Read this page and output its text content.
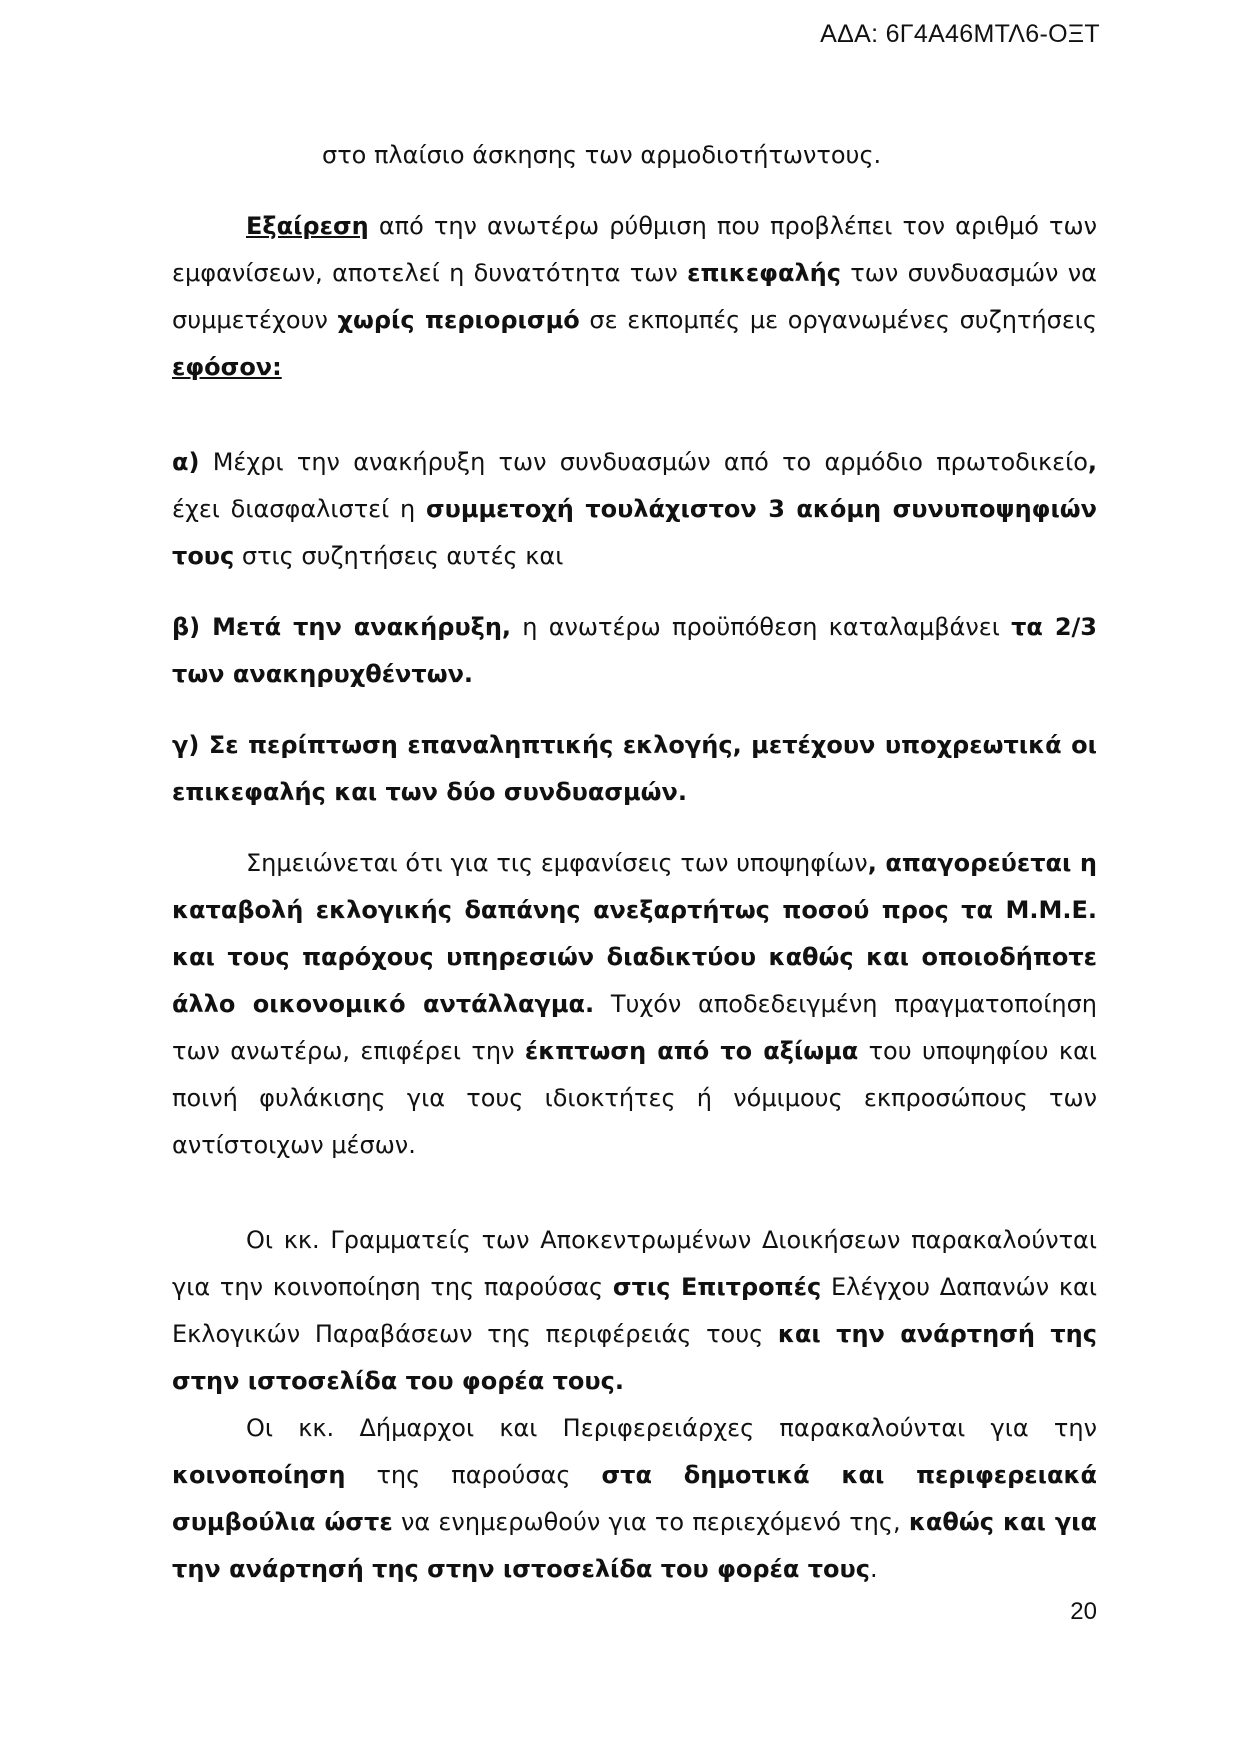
ΑΔΑ: 6Γ4Α46ΜΤΛ6-ΟΞΤ

στο πλαίσιο άσκησης των αρμοδιοτήτωντους.

Εξαίρεση από την ανωτέρω ρύθμιση που προβλέπει τον αριθμό των εμφανίσεων, αποτελεί η δυνατότητα των επικεφαλής των συνδυασμών να συμμετέχουν χωρίς περιορισμό σε εκπομπές με οργανωμένες συζητήσεις εφόσον:

α) Μέχρι την ανακήρυξη των συνδυασμών από το αρμόδιο πρωτοδικείο, έχει διασφαλιστεί η συμμετοχή τουλάχιστον 3 ακόμη συνυποψηφιών τους στις συζητήσεις αυτές και

β) Μετά την ανακήρυξη, η ανωτέρω προϋπόθεση καταλαμβάνει τα 2/3 των ανακηρυχθέντων.

γ) Σε περίπτωση επαναληπτικής εκλογής, μετέχουν υποχρεωτικά οι επικεφαλής και των δύο συνδυασμών.

Σημειώνεται ότι για τις εμφανίσεις των υποψηφίων, απαγορεύεται η καταβολή εκλογικής δαπάνης ανεξαρτήτως ποσού προς τα Μ.Μ.Ε. και τους παρόχους υπηρεσιών διαδικτύου καθώς και οποιοδήποτε άλλο οικονομικό αντάλλαγμα. Τυχόν αποδεδειγμένη πραγματοποίηση των ανωτέρω, επιφέρει την έκπτωση από το αξίωμα του υποψηφίου και ποινή φυλάκισης για τους ιδιοκτήτες ή νόμιμους εκπροσώπους των αντίστοιχων μέσων.

Οι κκ. Γραμματείς των Αποκεντρωμένων Διοικήσεων παρακαλούνται για την κοινοποίηση της παρούσας στις Επιτροπές Ελέγχου Δαπανών και Εκλογικών Παραβάσεων της περιφέρειάς τους και την ανάρτησή της στην ιστοσελίδα του φορέα τους.

Οι κκ. Δήμαρχοι και Περιφερειάρχες παρακαλούνται για την κοινοποίηση της παρούσας στα δημοτικά και περιφερειακά συμβούλια ώστε να ενημερωθούν για το περιεχόμενό της, καθώς και για την ανάρτησή της στην ιστοσελίδα του φορέα τους.

20
